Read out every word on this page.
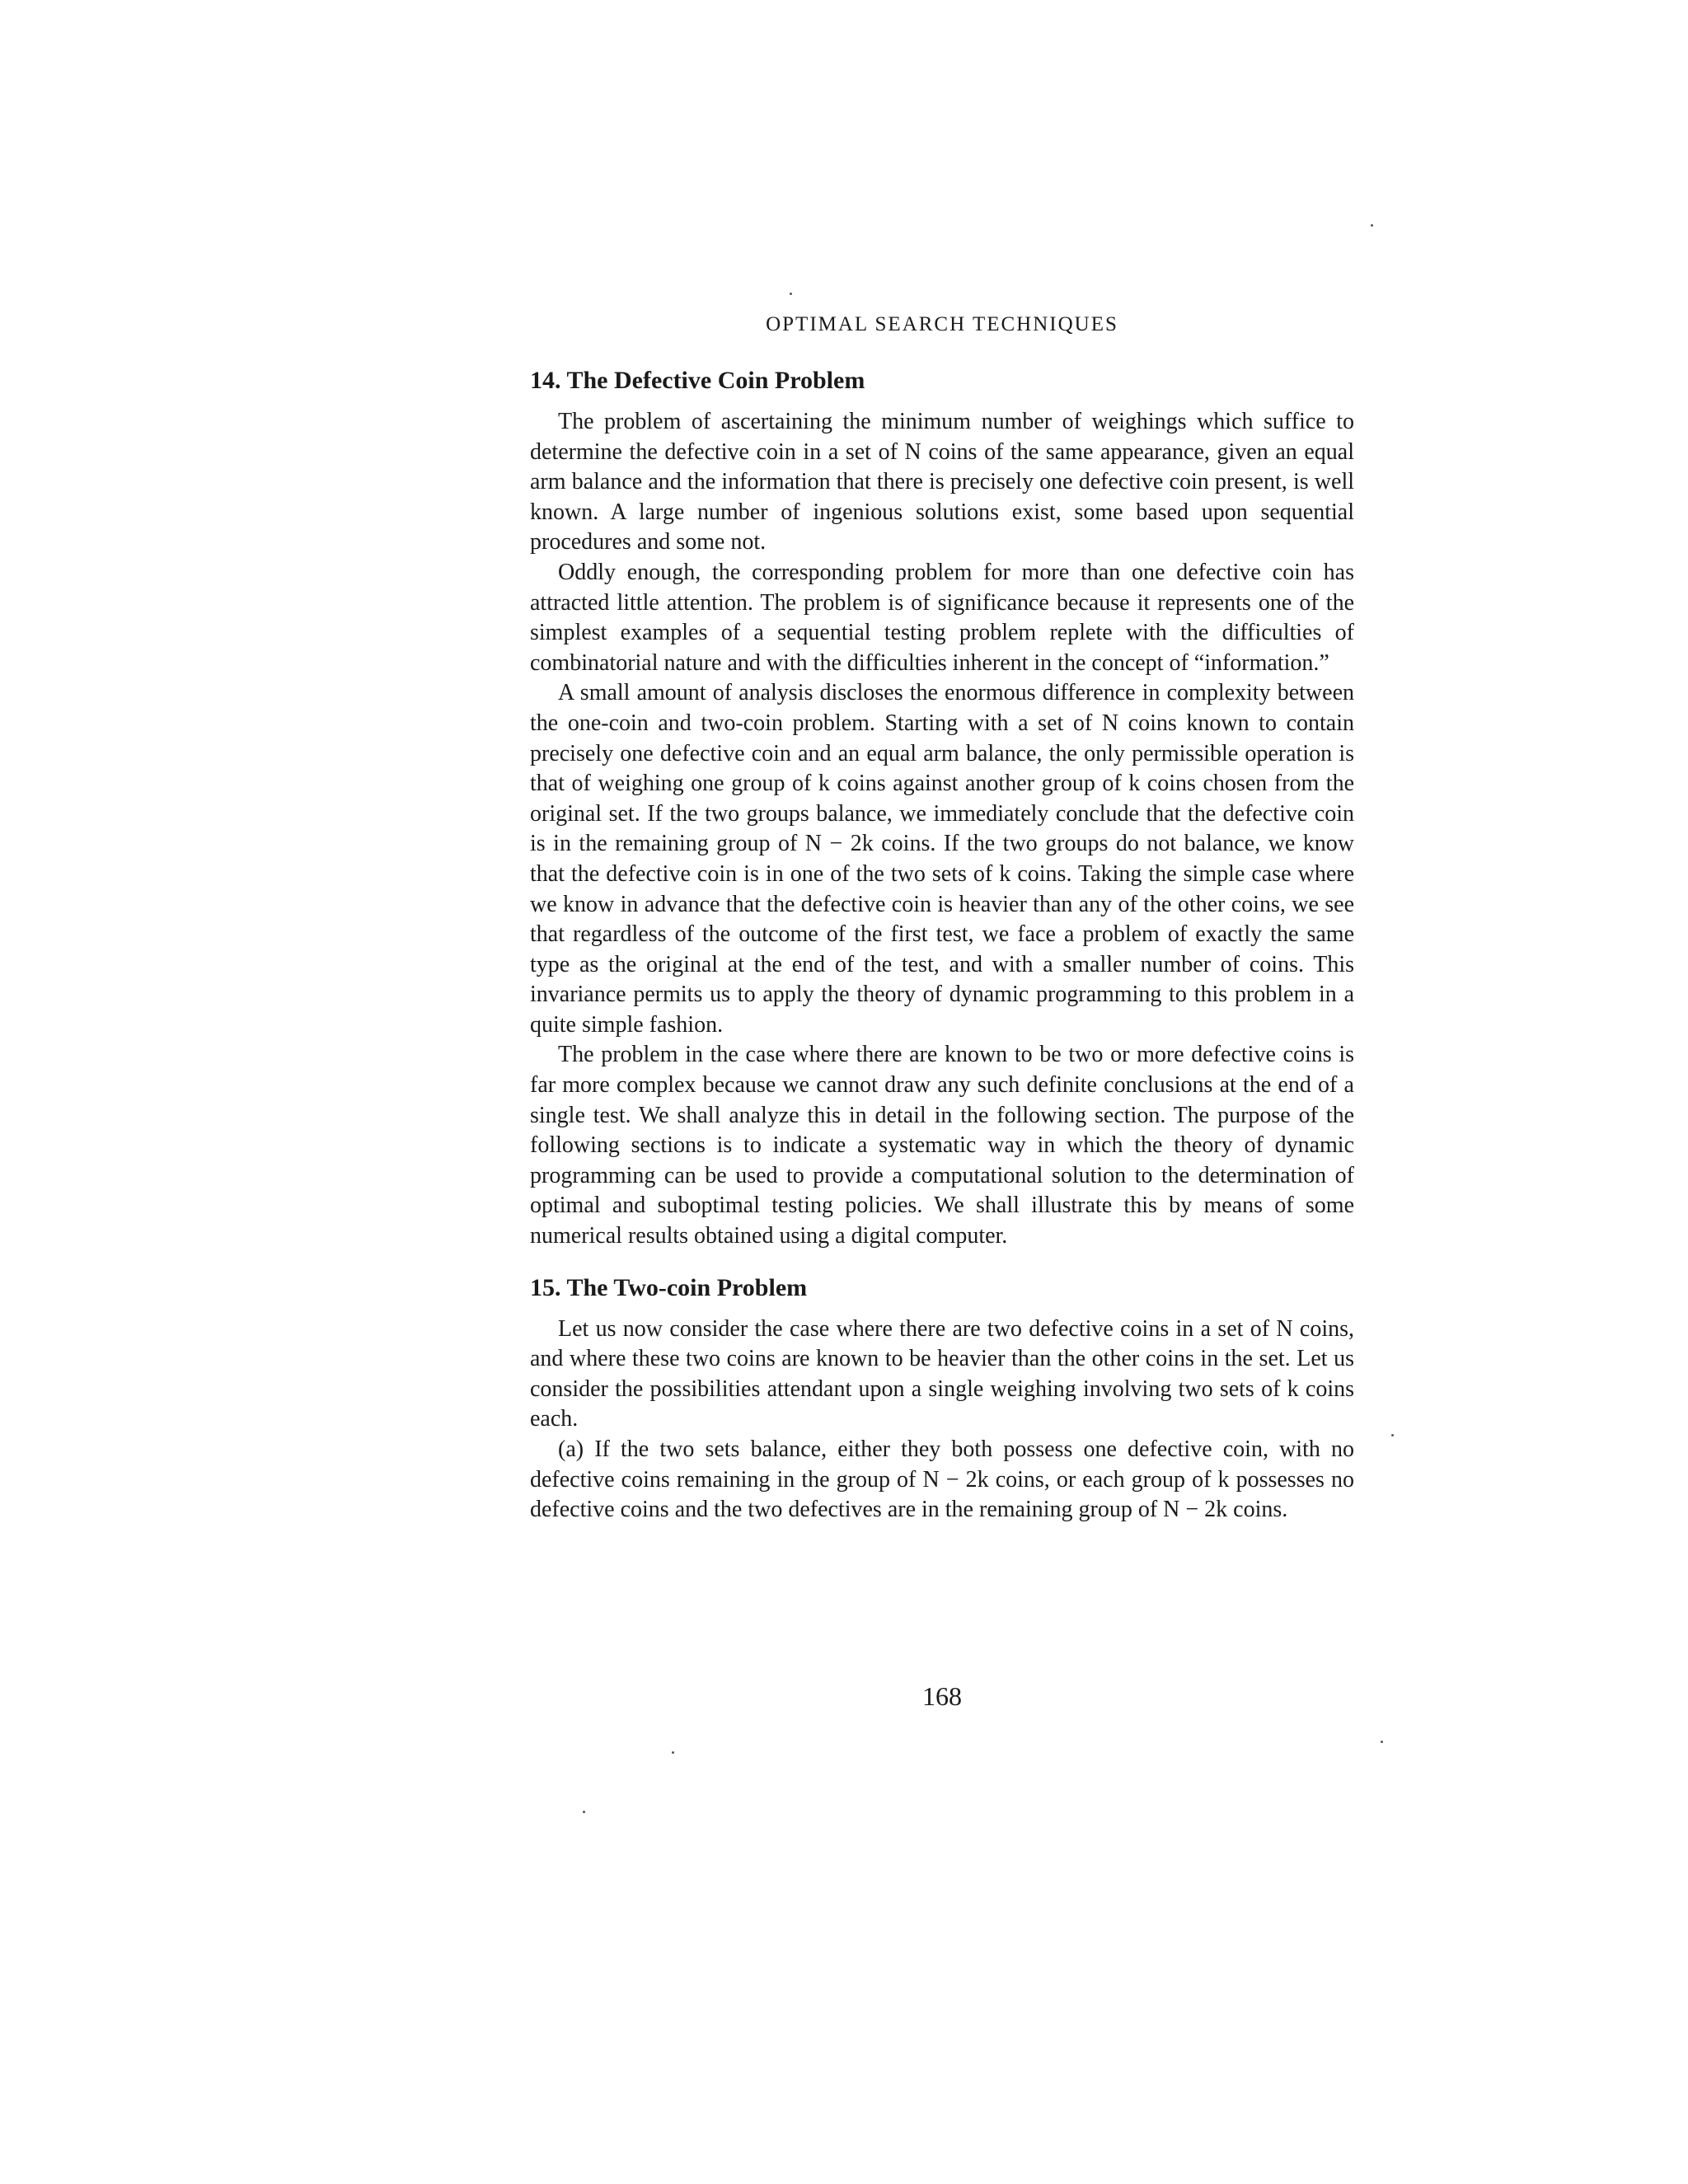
OPTIMAL SEARCH TECHNIQUES
14. The Defective Coin Problem

The problem of ascertaining the minimum number of weighings which suffice to determine the defective coin in a set of N coins of the same appearance, given an equal arm balance and the information that there is precisely one defective coin present, is well known. A large number of ingenious solutions exist, some based upon sequential procedures and some not.

Oddly enough, the corresponding problem for more than one defective coin has attracted little attention. The problem is of significance because it represents one of the simplest examples of a sequential testing problem replete with the difficulties of combinatorial nature and with the difficulties inherent in the concept of “information.”

A small amount of analysis discloses the enormous difference in complexity between the one-coin and two-coin problem. Starting with a set of N coins known to contain precisely one defective coin and an equal arm balance, the only permissible operation is that of weighing one group of k coins against another group of k coins chosen from the original set. If the two groups balance, we immediately conclude that the defective coin is in the remaining group of N − 2k coins. If the two groups do not balance, we know that the defective coin is in one of the two sets of k coins. Taking the simple case where we know in advance that the defective coin is heavier than any of the other coins, we see that regardless of the outcome of the first test, we face a problem of exactly the same type as the original at the end of the test, and with a smaller number of coins. This invariance permits us to apply the theory of dynamic programming to this problem in a quite simple fashion.

The problem in the case where there are known to be two or more defective coins is far more complex because we cannot draw any such definite conclusions at the end of a single test. We shall analyze this in detail in the following section. The purpose of the following sections is to indicate a systematic way in which the theory of dynamic programming can be used to provide a computational solution to the determination of optimal and suboptimal testing policies. We shall illustrate this by means of some numerical results obtained using a digital computer.

15. The Two-coin Problem

Let us now consider the case where there are two defective coins in a set of N coins, and where these two coins are known to be heavier than the other coins in the set. Let us consider the possibilities attendant upon a single weighing involving two sets of k coins each.

(a) If the two sets balance, either they both possess one defective coin, with no defective coins remaining in the group of N − 2k coins, or each group of k possesses no defective coins and the two defectives are in the remaining group of N − 2k coins.

168
